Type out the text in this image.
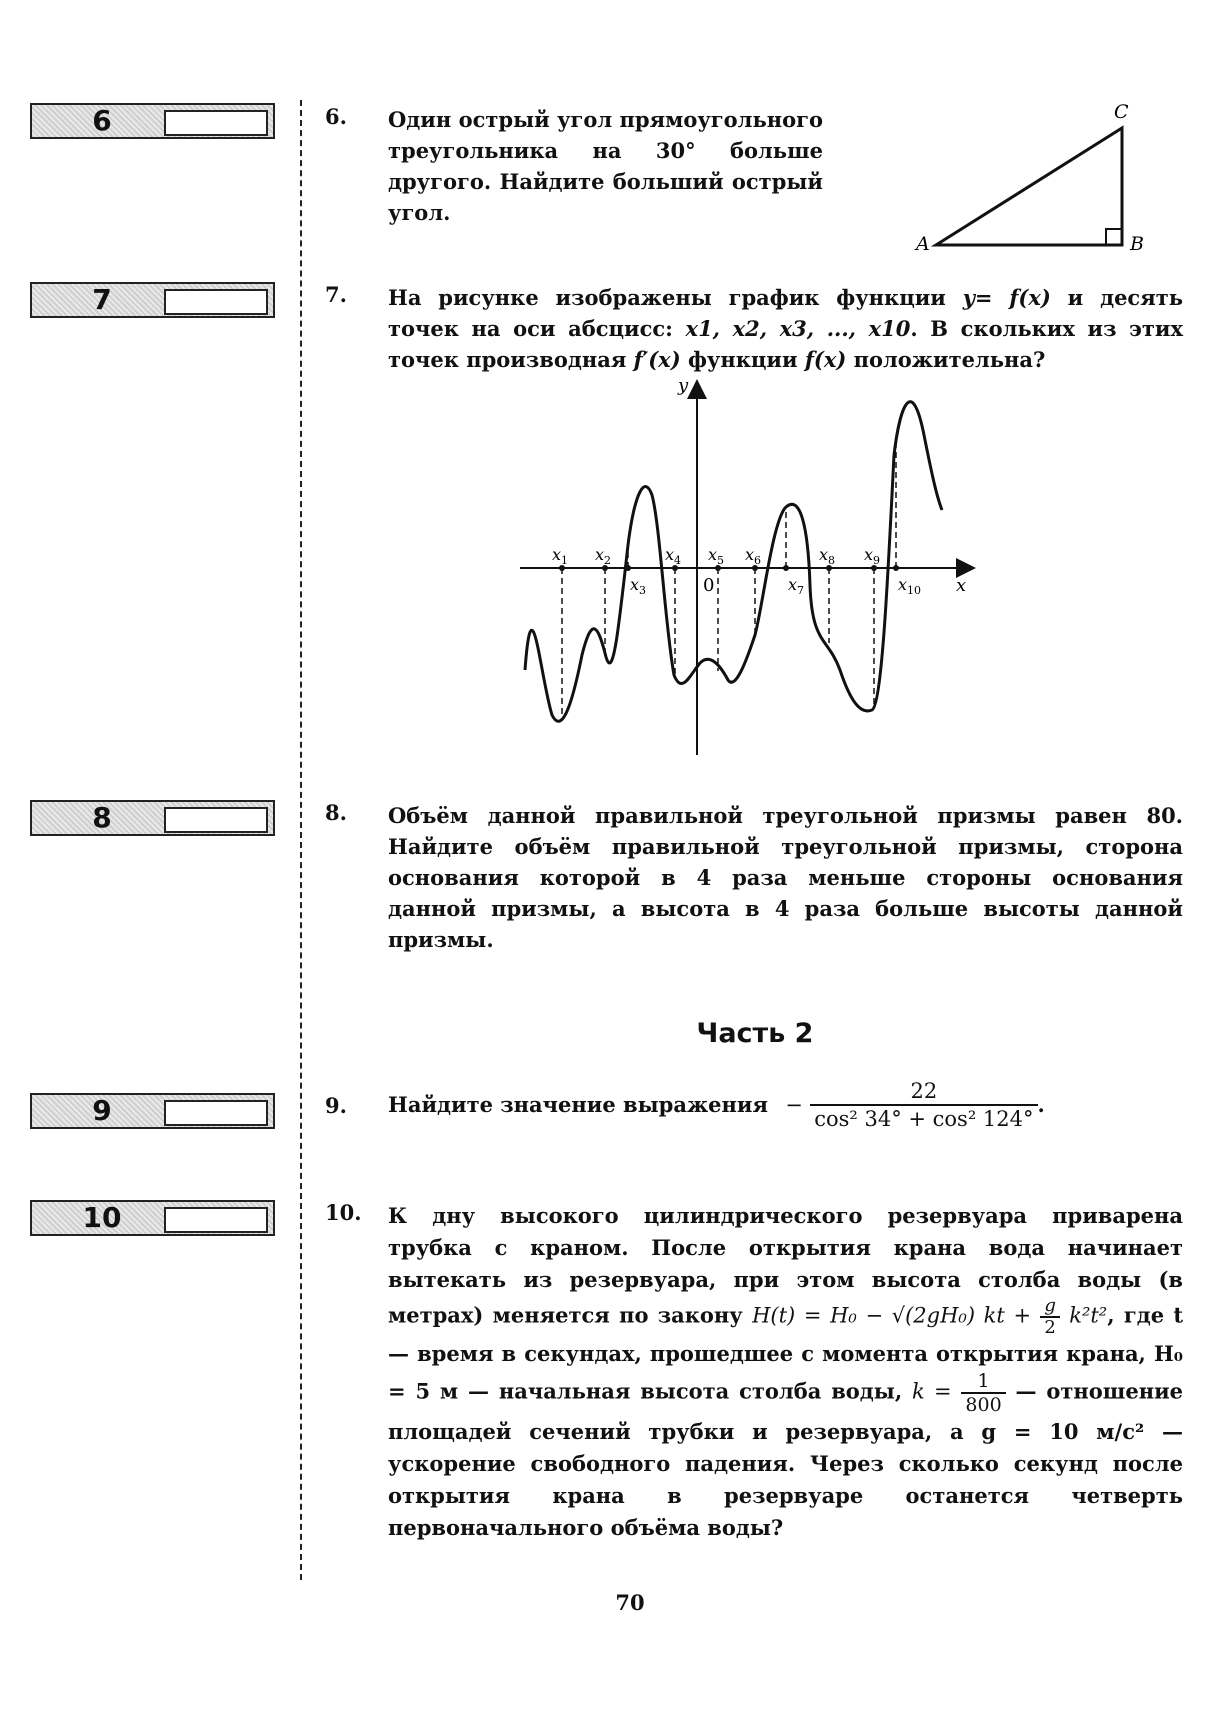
6
7
8
9
10
6. Один острый угол прямоугольного треугольника на 30° больше другого. Найдите больший острый угол.
A	B
C
7. На рисунке изображены график функции y= f(x) и десять точек на оси абсцисс: x1, x2, x3, ..., x10. В скольких из этих точек производная f′(x) функции f(x) положительна?
y
x
0
$x_1$ $x_2$
$x_3$
$x_4$ $x_5$ $x_6$
$x_7$
$x_8$ $x_9$
$x_{10}$
8. Объём данной правильной треугольной призмы равен 80. Найдите объём правильной треугольной призмы, сторона основания которой в 4 раза меньше стороны основания данной призмы, а высота в 4 раза больше высоты данной призмы.
Часть 2
9. Найдите значение выражения − $\frac{22}{\text{cos² 34° + cos² 124°}}$ .
10. К дну высокого цилиндрического резервуара приварена трубка с краном. После открытия крана вода начинает вытекать из резервуара, при этом высота столба воды (в метрах) меняется по закону H(t) = H₀ − √(2gH₀) kt + $\frac{g}{2} k^2t^2$, где t — время в секундах, прошедшее с момента открытия крана, H₀ = 5 м — начальная высота столба воды, $k = \frac{1}{800}$ — отношение площадей сечений трубки и резервуара, а g = 10 м/с² — ускорение свободного падения. Через сколько секунд после открытия крана в резервуаре останется четверть первоначального объёма воды?
70
